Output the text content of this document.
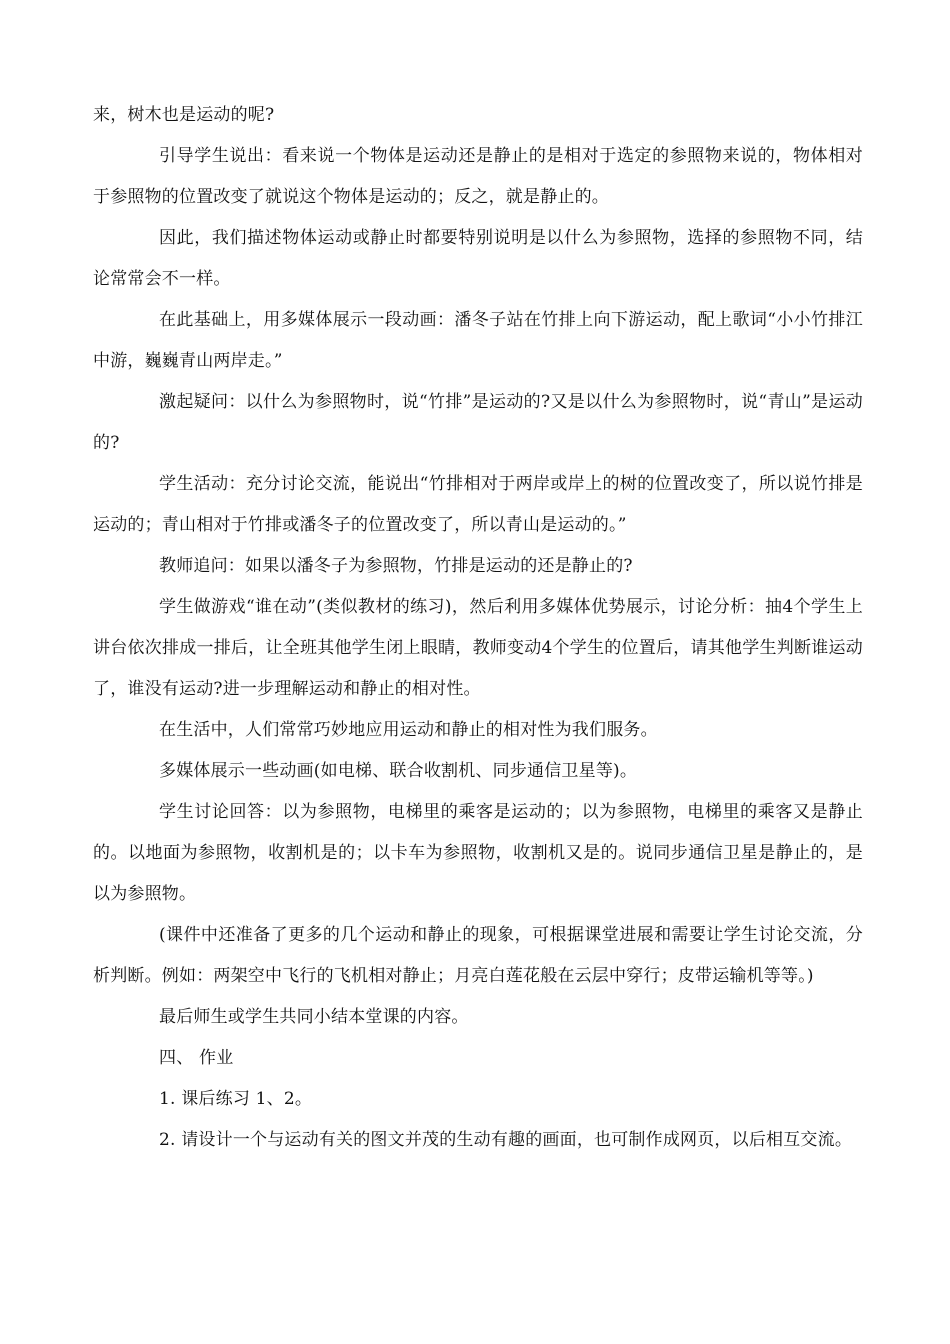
来，树木也是运动的呢?

引导学生说出：看来说一个物体是运动还是静止的是相对于选定的参照物来说的，物体相对于参照物的位置改变了就说这个物体是运动的；反之，就是静止的。

因此，我们描述物体运动或静止时都要特别说明是以什么为参照物，选择的参照物不同，结论常常会不一样。

在此基础上，用多媒体展示一段动画：潘冬子站在竹排上向下游运动，配上歌词“小小竹排江中游，巍巍青山两岸走。”

激起疑问：以什么为参照物时，说“竹排”是运动的?又是以什么为参照物时，说“青山”是运动的?

学生活动：充分讨论交流，能说出“竹排相对于两岸或岸上的树的位置改变了，所以说竹排是运动的；青山相对于竹排或潘冬子的位置改变了，所以青山是运动的。”

教师追问：如果以潘冬子为参照物，竹排是运动的还是静止的?

学生做游戏“谁在动”(类似教材的练习)，然后利用多媒体优势展示，讨论分析：抽4个学生上讲台依次排成一排后，让全班其他学生闭上眼睛，教师变动4个学生的位置后，请其他学生判断谁运动了，谁没有运动?进一步理解运动和静止的相对性。

在生活中，人们常常巧妙地应用运动和静止的相对性为我们服务。

多媒体展示一些动画(如电梯、联合收割机、同步通信卫星等)。

学生讨论回答：以为参照物，电梯里的乘客是运动的；以为参照物，电梯里的乘客又是静止的。以地面为参照物，收割机是的；以卡车为参照物，收割机又是的。说同步通信卫星是静止的，是以为参照物。

(课件中还准备了更多的几个运动和静止的现象，可根据课堂进展和需要让学生讨论交流，分析判断。例如：两架空中飞行的飞机相对静止；月亮白莲花般在云层中穿行；皮带运输机等等。)

最后师生或学生共同小结本堂课的内容。

四、 作业

1. 课后练习 1、2。

2. 请设计一个与运动有关的图文并茂的生动有趣的画面，也可制作成网页，以后相互交流。
